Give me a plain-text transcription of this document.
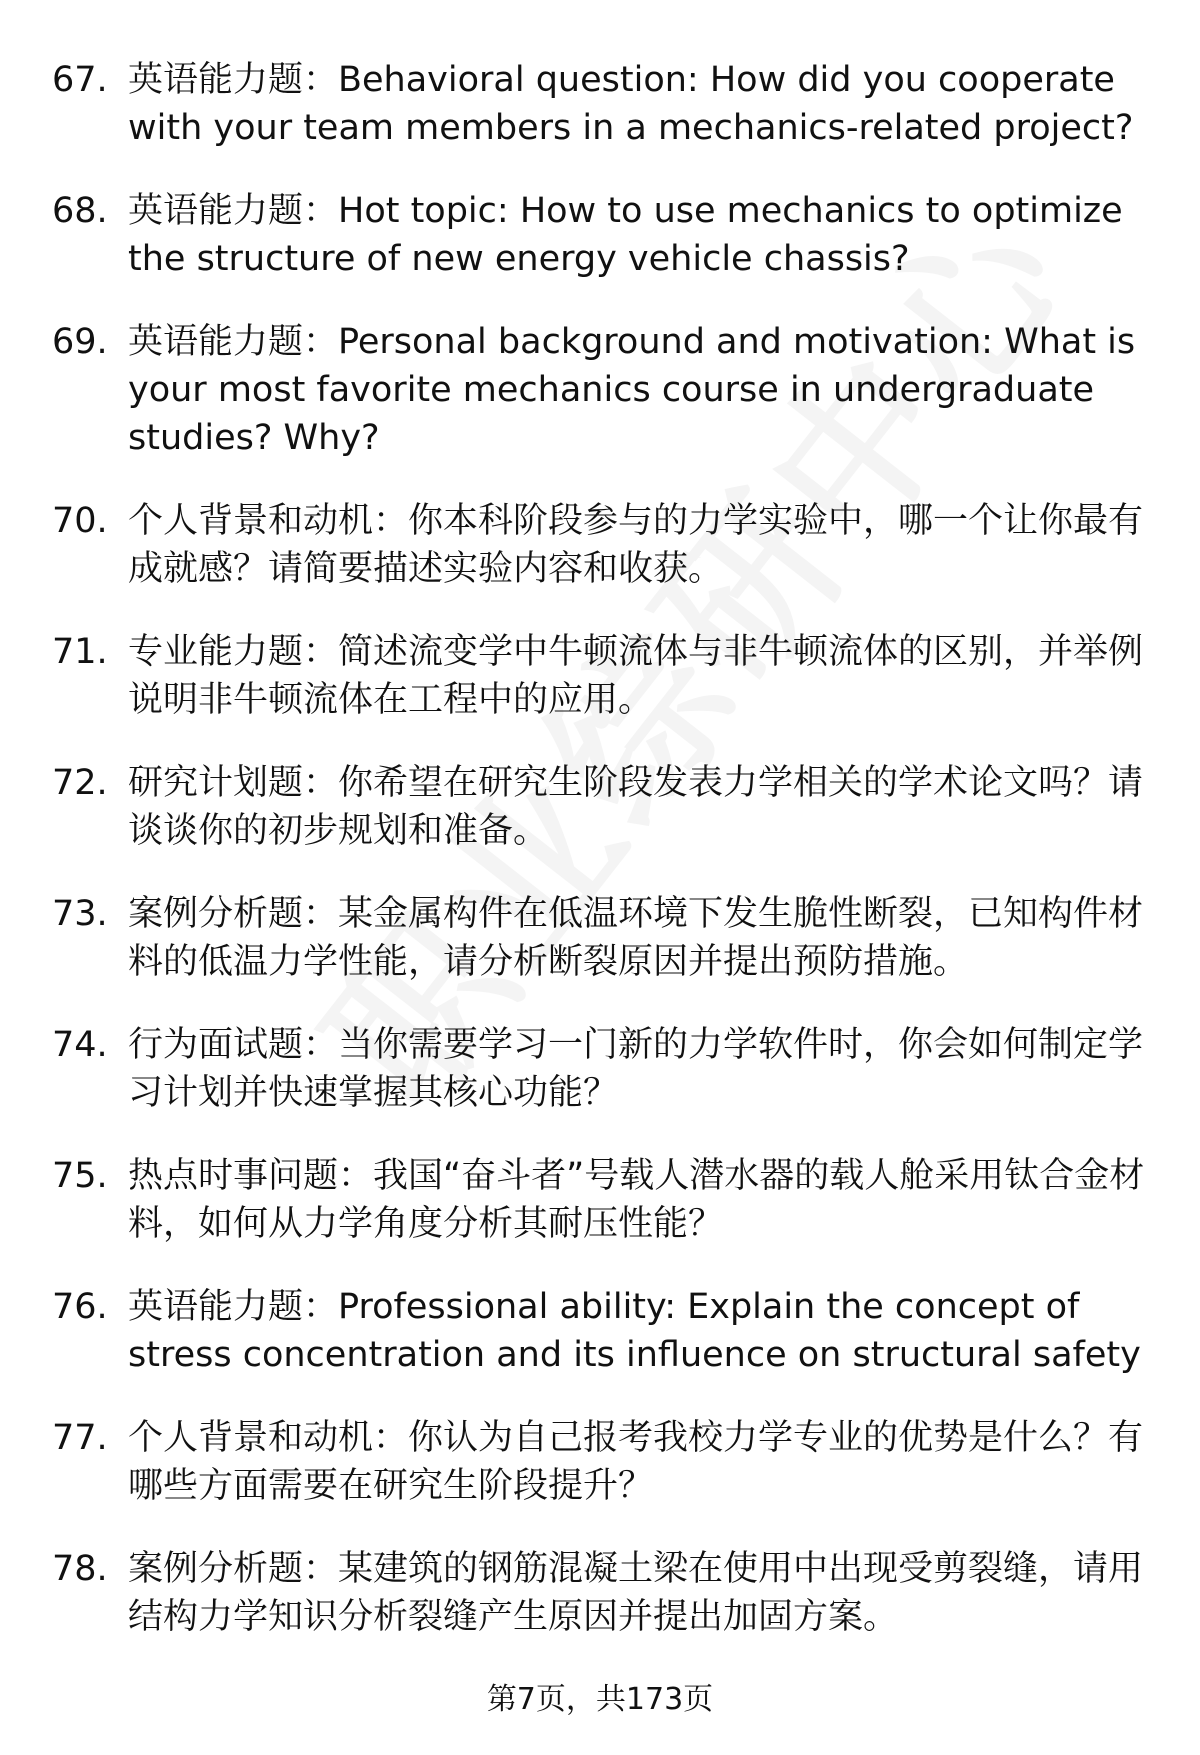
67. 英语能力题：Behavioral question: How did you cooperate with your team members in a mechanics-related project?
68. 英语能力题：Hot topic: How to use mechanics to optimize the structure of new energy vehicle chassis?
69. 英语能力题：Personal background and motivation: What is your most favorite mechanics course in undergraduate studies? Why?
70. 个人背景和动机：你本科阶段参与的力学实验中，哪一个让你最有成就感？请简要描述实验内容和收获。
71. 专业能力题：简述流变学中牛顿流体与非牛顿流体的区别，并举例说明非牛顿流体在工程中的应用。
72. 研究计划题：你希望在研究生阶段发表力学相关的学术论文吗？请谈谈你的初步规划和准备。
73. 案例分析题：某金属构件在低温环境下发生脆性断裂，已知构件材料的低温力学性能，请分析断裂原因并提出预防措施。
74. 行为面试题：当你需要学习一门新的力学软件时，你会如何制定学习计划并快速掌握其核心功能？
75. 热点时事问题：我国“奋斗者”号载人潜水器的载人舱采用钛合金材料，如何从力学角度分析其耐压性能？
76. 英语能力题：Professional ability: Explain the concept of stress concentration and its influence on structural safety
77. 个人背景和动机：你认为自己报考我校力学专业的优势是什么？有哪些方面需要在研究生阶段提升？
78. 案例分析题：某建筑的钢筋混凝土梁在使用中出现受剪裂缝，请用结构力学知识分析裂缝产生原因并提出加固方案。
第7页，共173页
